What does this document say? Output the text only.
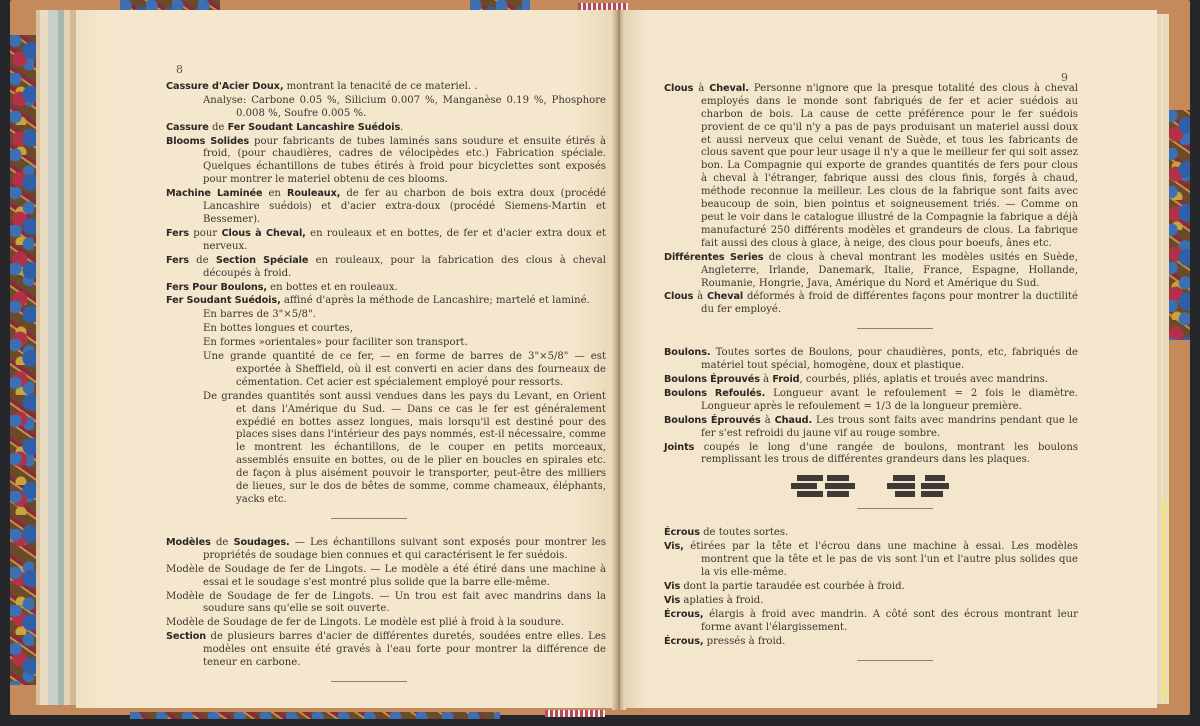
8

Cassure d'Acier Doux, montrant la tenacité de ce materiel. .

Analyse: Carbone 0.05 %, Silicium 0.007 %, Manganèse 0.19 %, Phosphore 0.008 %, Soufre 0.005 %.

Cassure de Fer Soudant Lancashire Suédois.

Blooms Solides pour fabricants de tubes laminés sans soudure et ensuite étirés à froid, (pour chaudières, cadres de vélocipèdes etc.) Fabrication spéciale. Quelques échantillons de tubes étirés à froid pour bicyclettes sont exposés pour montrer le materiel obtenu de ces blooms.

Machine Laminée en Rouleaux, de fer au charbon de bois extra doux (procédé Lancashire suédois) et d'acier extra-doux (procédé Siemens-Martin et Bessemer).

Fers pour Clous à Cheval, en rouleaux et en bottes, de fer et d'acier extra doux et nerveux.

Fers de Section Spéciale en rouleaux, pour la fabrication des clous à cheval découpés à froid.

Fers Pour Boulons, en bottes et en rouleaux.

Fer Soudant Suédois, affiné d'après la méthode de Lancashire; martelé et laminé.

En barres de 3"×5/8".

En bottes longues et courtes,

En formes »orientales» pour faciliter son transport.

Une grande quantité de ce fer, — en forme de barres de 3"×5/8" — est exportée à Sheffield, où il est converti en acier dans des fourneaux de cémentation. Cet acier est spécialement employé pour ressorts.

De grandes quantités sont aussi vendues dans les pays du Levant, en Orient et dans l'Amérique du Sud. — Dans ce cas le fer est généralement expédié en bottes assez longues, mais lorsqu'il est destiné pour des places sises dans l'intérieur des pays nommés, est-il nécessaire, comme le montrent les échantillons, de le couper en petits morceaux, assemblés ensuite en bottes, ou de le plier en boucles en spirales etc. de façon à plus aisément pouvoir le transporter, peut-être des milliers de lieues, sur le dos de bêtes de somme, comme chameaux, éléphants, yacks etc.

Modèles de Soudages. — Les échantillons suivant sont exposés pour montrer les propriétés de soudage bien connues et qui caractérisent le fer suédois.

Modèle de Soudage de fer de Lingots. — Le modèle a été étiré dans une machine à essai et le soudage s'est montré plus solide que la barre elle-même.

Modèle de Soudage de fer de Lingots. — Un trou est fait avec mandrins dans la soudure sans qu'elle se soit ouverte.

Modèle de Soudage de fer de Lingots. Le modèle est plié à froid à la soudure.

Section de plusieurs barres d'acier de différentes duretés, soudées entre elles. Les modèles ont ensuite été gravés à l'eau forte pour montrer la différence de teneur en carbone.

9

Clous à Cheval. Personne n'ignore que la presque totalité des clous à cheval employés dans le monde sont fabriqués de fer et acier suédois au charbon de bois. La cause de cette préférence pour le fer suédois provient de ce qu'il n'y a pas de pays produisant un materiel aussi doux et aussi nerveux que celui venant de Suède, et tous les fabricants de clous savent que pour leur usage il n'y a que le meilleur fer qui soit assez bon. La Compagnie qui exporte de grandes quantités de fers pour clous à cheval à l'étranger, fabrique aussi des clous finis, forgés à chaud, méthode reconnue la meilleur. Les clous de la fabrique sont faits avec beaucoup de soin, bien pointus et soigneusement triés. — Comme on peut le voir dans le catalogue illustré de la Compagnie la fabrique a déjà manufacturé 250 différents modèles et grandeurs de clous. La fabrique fait aussi des clous à glace, à neige, des clous pour boeufs, ânes etc.

Différentes Series de clous à cheval montrant les modèles usités en Suède, Angleterre, Irlande, Danemark, Italie, France, Espagne, Hollande, Roumanie, Hongrie, Java, Amérique du Nord et Amérique du Sud.

Clous à Cheval déformés à froid de différentes façons pour montrer la ductilité du fer employé.

Boulons. Toutes sortes de Boulons, pour chaudières, ponts, etc, fabriqués de matériel tout spécial, homogène, doux et plastique.

Boulons Éprouvés à Froid, courbés, pliés, aplatis et troués avec mandrins.

Boulons Refoulés. Longueur avant le refoulement = 2 fois le diamètre. Longueur après le refoulement = 1/3 de la longueur première.

Boulons Éprouvés à Chaud. Les trous sont faits avec mandrins pendant que le fer s'est refroidi du jaune vif au rouge sombre.

Joints coupés le long d'une rangée de boulons, montrant les boulons remplissant les trous de différentes grandeurs dans les plaques.

Écrous de toutes sortes.

Vis, étirées par la tête et l'écrou dans une machine à essai. Les modèles montrent que la tête et le pas de vis sont l'un et l'autre plus solides que la vis elle-même.

Vis dont la partie taraudée est courbée à froid.

Vis aplaties à froid.

Écrous, élargis à froid avec mandrin. A côté sont des écrous montrant leur forme avant l'élargissement.

Écrous, pressés à froid.
